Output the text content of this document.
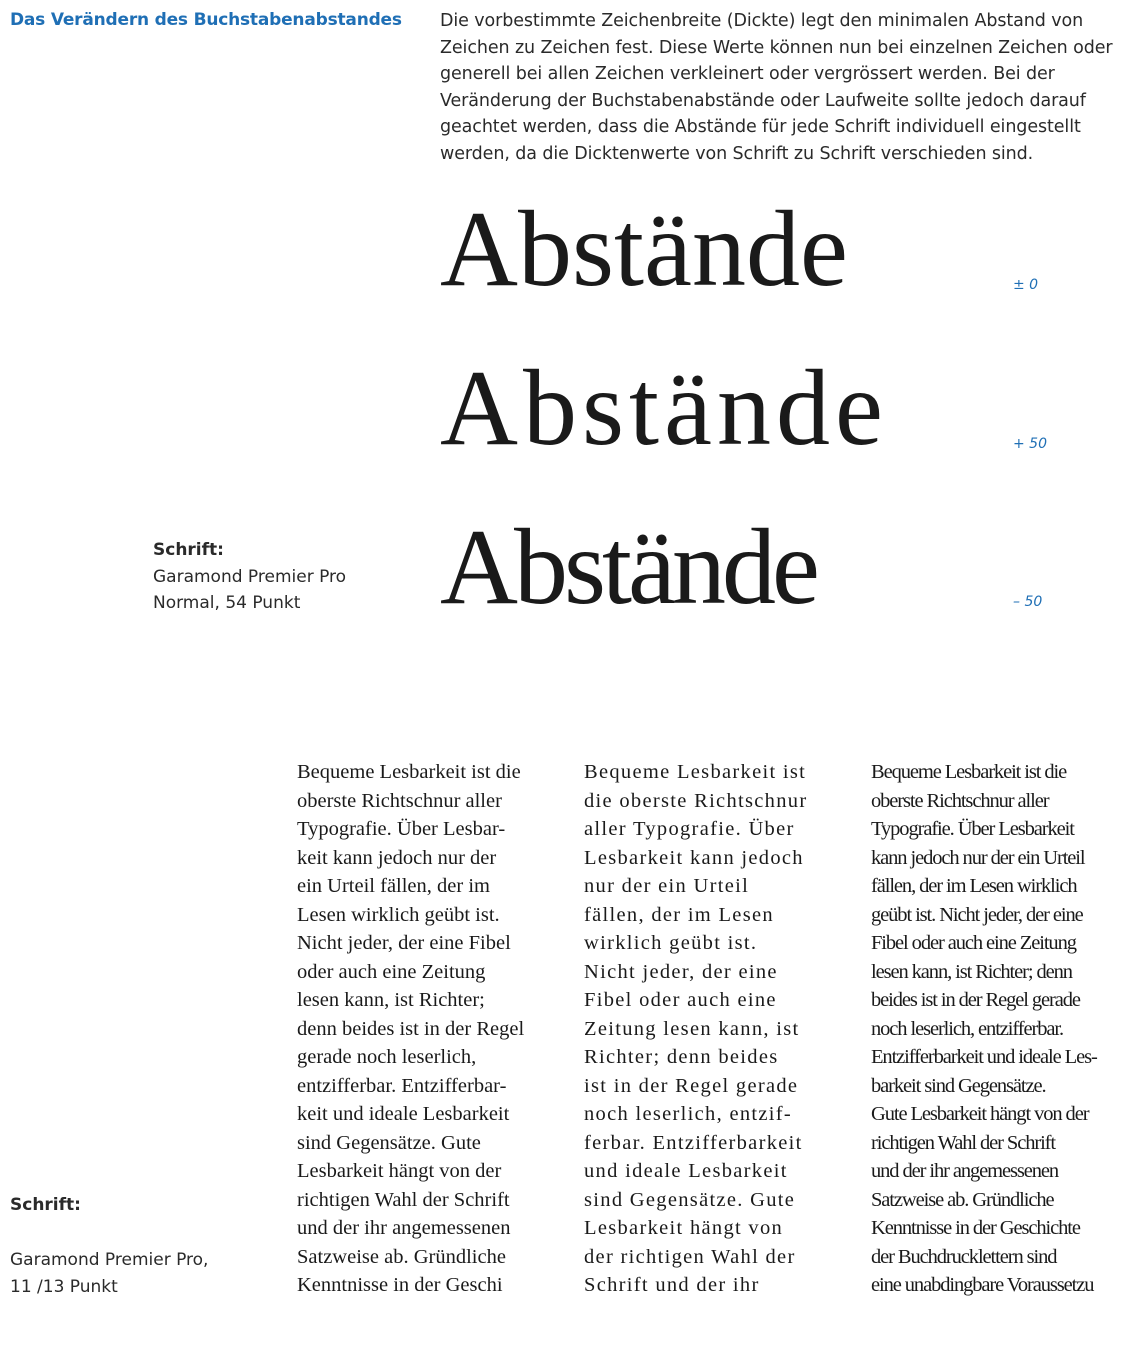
Das Verändern des Buchstabenabstandes Die vorbestimmte Zeichenbreite (Dickte) legt den minimalen Abstand von
Zeichen zu Zeichen fest. Diese Werte können nun bei einzelnen Zeichen oder
generell bei allen Zeichen verkleinert oder vergrössert werden. Bei der
Veränderung der Buchstabenabstände oder Laufweite sollte jedoch darauf
geachtet werden, dass die Abstände für jede Schrift individuell eingestellt
werden, da die Dicktenwerte von Schrift zu Schrift verschieden sind.
Abstände	± 0
Abstände	+ 50
Abstände	– 50
Schrift:
Garamond Premier Pro
Normal, 54 Punkt
Bequeme Lesbarkeit ist die
oberste Richtschnur aller
Typografie. Über Lesbar-
keit kann jedoch nur der
ein Urteil fällen, der im
Lesen wirklich geübt ist.
Nicht jeder, der eine Fibel
oder auch eine Zeitung
lesen kann, ist Richter;
denn beides ist in der Regel
gerade noch leserlich,
entzifferbar. Entzifferbar-
keit und ideale Lesbarkeit
sind Gegensätze. Gute
Lesbarkeit hängt von der
richtigen Wahl der Schrift
und der ihr angemessenen
Satzweise ab. Gründliche
Kenntnisse in der Geschi
Bequeme Lesbarkeit ist
die oberste Richtschnur
aller Typografie. Über
Lesbarkeit kann jedoch
nur der ein Urteil
fällen, der im Lesen
wirklich geübt ist.
Nicht jeder, der eine
Fibel oder auch eine
Zeitung lesen kann, ist
Richter; denn beides
ist in der Regel gerade
noch leserlich, entzif-
ferbar. Entzifferbarkeit
und ideale Lesbarkeit
sind Gegensätze. Gute
Lesbarkeit hängt von
der richtigen Wahl der
Schrift und der ihr
Bequeme Lesbarkeit ist die
oberste Richtschnur aller
Typografie. Über Lesbarkeit
kann jedoch nur der ein Urteil
fällen, der im Lesen wirklich
geübt ist. Nicht jeder, der eine
Fibel oder auch eine Zeitung
lesen kann, ist Richter; denn
beides ist in der Regel gerade
noch leserlich, entzifferbar.
Entzifferbarkeit und ideale Les-
barkeit sind Gegensätze.
Gute Lesbarkeit hängt von der
richtigen Wahl der Schrift
und der ihr angemessenen
Satzweise ab. Gründliche
Kenntnisse in der Geschichte
der Buchdrucklettern sind
eine unabdingbare Voraussetzu
Schrift:
Garamond Premier Pro,
11 /13 Punkt
